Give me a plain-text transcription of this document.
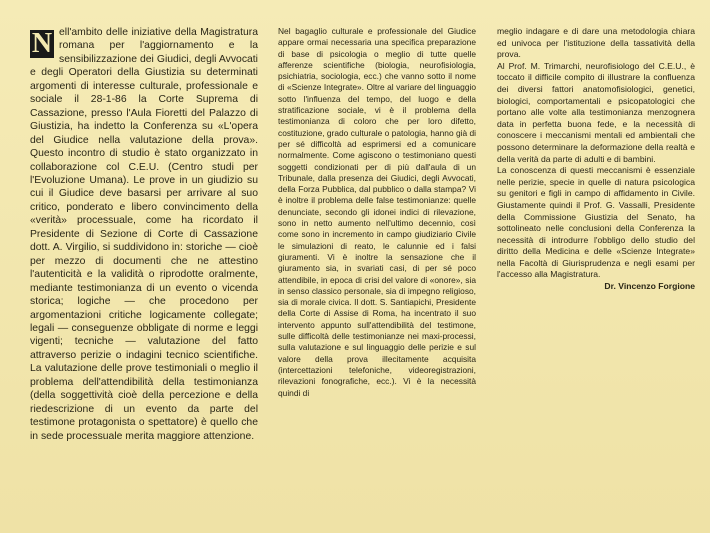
N ell'ambito delle iniziative della Magistratura romana per l'aggiornamento e la sensibilizzazione dei Giudici, degli Avvocati e degli Operatori della Giustizia su determinati argomenti di interesse culturale, professionale e sociale il 28-1-86 la Corte Suprema di Cassazione, presso l'Aula Fioretti del Palazzo di Giustizia, ha indetto la Conferenza su «L'opera del Giudice nella valutazione della prova». Questo incontro di studio è stato organizzato in collaborazione col C.E.U. (Centro studi per l'Evoluzione Umana). Le prove in un giudizio su cui il Giudice deve basarsi per arrivare al suo critico, ponderato e libero convincimento della «verità» processuale, come ha ricordato il Presidente di Sezione di Corte di Cassazione dott. A. Virgilio, si suddividono in: storiche — cioè per mezzo di documenti che ne attestino l'autenticità e la validità o riprodotte oralmente, mediante testimonianza di un evento o vicenda storica; logiche — che procedono per argomentazioni critiche logicamente collegate; legali — conseguenze obbligate di norme e leggi vigenti; tecniche — valutazione del fatto attraverso perizie o indagini tecnico scientifiche. La valutazione delle prove testimoniali o meglio il problema dell'attendibilità della testimonianza (della soggettività cioè della percezione e della riedescrizione di un evento da parte del testimone protagonista o spettatore) è quello che in sede processuale merita maggiore attenzione.

Nel bagaglio culturale e professionale del Giudice appare ormai necessaria una specifica preparazione di base di psicologia o meglio di tutte quelle afferenze scientifiche (biologia, neurofisiologia, psichiatria, sociologia, ecc.) che vanno sotto il nome di «Scienze Integrate». Oltre al variare del linguaggio sotto l'influenza del tempo, del luogo e della stratificazione sociale, vi è il problema della testimonianza di coloro che per loro difetto, costituzione, grado culturale o patologia, hanno già di per sé difficoltà ad esprimersi ed a comunicare normalmente. Come agiscono o testimoniano questi soggetti condizionati per di più dall'aula di un Tribunale, dalla presenza dei Giudici, degli Avvocati, della Forza Pubblica, dal pubblico o dalla stampa? Vi è inoltre il problema delle false testimonianze: quelle denunciate, secondo gli idonei indici di rilevazione, sono in netto aumento nell'ultimo decennio, così come sono in incremento in campo giudiziario Civile le simulazioni di reato, le calunnie ed i falsi giuramenti. Vi è inoltre la sensazione che il giuramento sia, in svariati casi, di per sé poco attendibile, in epoca di crisi del valore di «onore», sia in senso classico personale, sia di impegno religioso, sia di morale civica. Il dott. S. Santiapichi, Presidente della Corte di Assise di Roma, ha incentrato il suo intervento appunto sull'attendibilità del testimone, sulle difficoltà delle testimonianze nei maxi-processi, sulla valutazione e sul linguaggio delle perizie e sul valore della prova illecitamente acquisita (intercettazioni telefoniche, videoregistrazioni, rilevazioni fonografiche, ecc.). Vi è la necessità quindi di

meglio indagare e di dare una metodologia chiara ed univoca per l'istituzione della tassatività della prova.

Al Prof. M. Trimarchi, neurofisiologo del C.E.U., è toccato il difficile compito di illustrare la confluenza dei diversi fattori anatomofisiologici, genetici, biologici, comportamentali e psicopatologici che portano alle volte alla testimonianza menzognera data in perfetta buona fede, e la necessità di conoscere i meccanismi mentali ed ambientali che possono determinare la deformazione della realtà e della verità da parte di adulti e di bambini.

La conoscenza di questi meccanismi è essenziale nelle perizie, specie in quelle di natura psicologica su genitori e figli in campo di affidamento in Civile. Giustamente quindi il Prof. G. Vassalli, Presidente della Commissione Giustizia del Senato, ha sottolineato nelle conclusioni della Conferenza la necessità di introdurre l'obbligo dello studio del diritto della Medicina e delle «Scienze Integrate» nella Facoltà di Giurisprudenza e negli esami per l'accesso alla Magistratura.

Dr. Vincenzo Forgione
